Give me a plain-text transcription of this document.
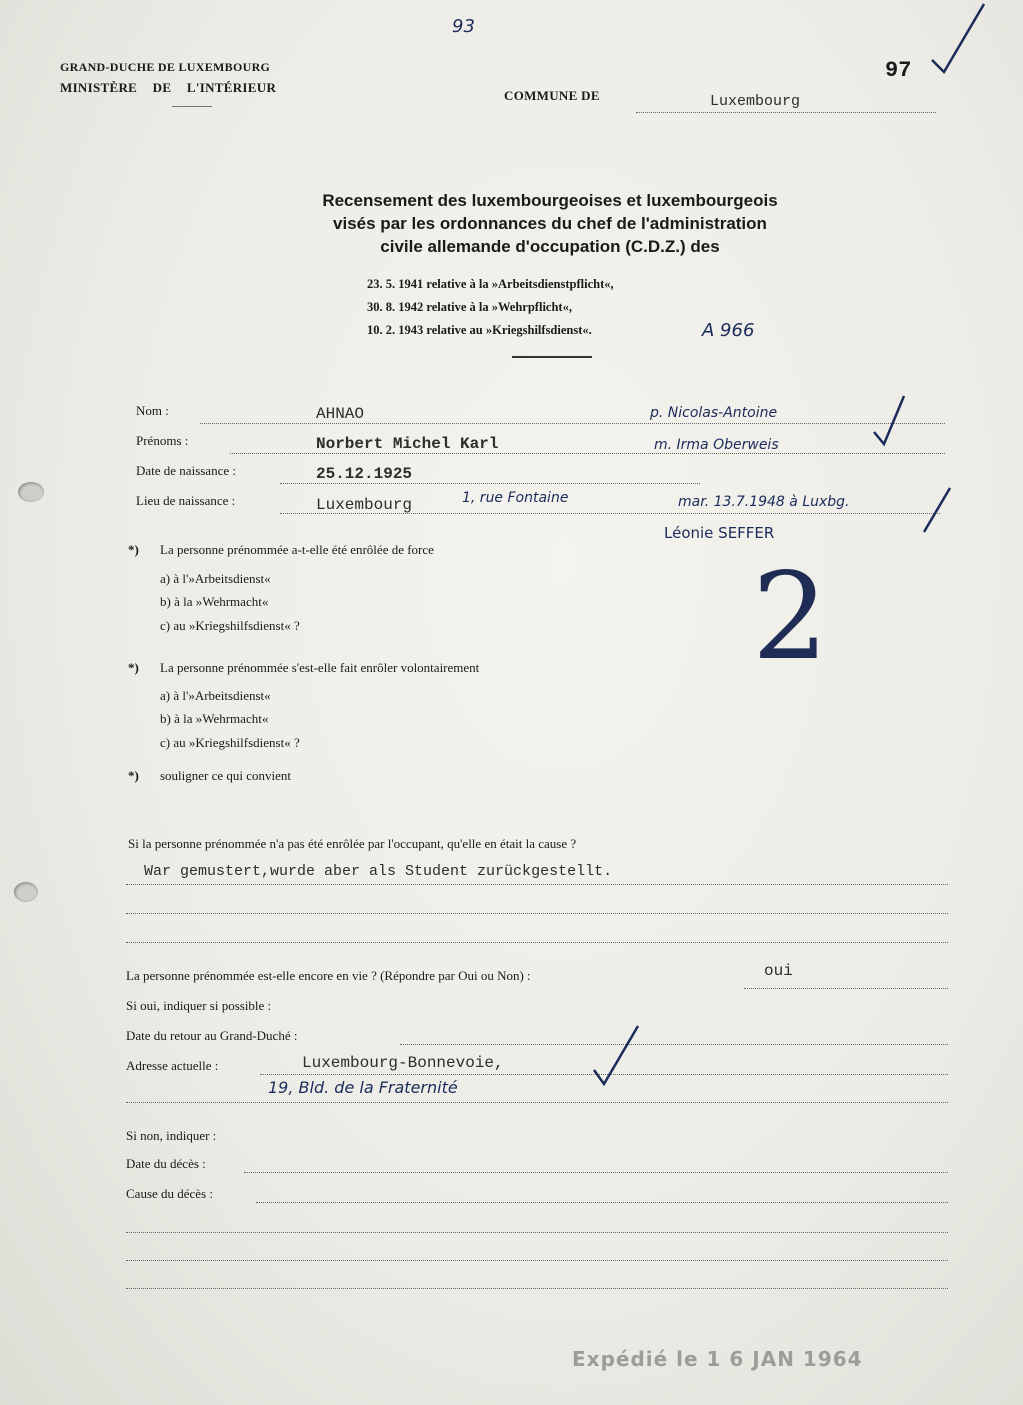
GRAND-DUCHE DE LUXEMBOURG
MINISTÈRE DE L'INTÉRIEUR
93
97
COMMUNE DE	Luxembourg
Recensement des luxembourgeoises et luxembourgeois
visés par les ordonnances du chef de l'administration
civile allemande d'occupation (C.D.Z.) des
23. 5. 1941 relative à la »Arbeitsdienstpflicht«,
30. 8. 1942 relative à la »Wehrpflicht«,
10. 2. 1943 relative au »Kriegshilfsdienst«.	A 966
Nom :	AHNAO	p. Nicolas-Antoine
Prénoms :	Norbert Michel Karl	m. Irma Oberweis
Date de naissance :	25.12.1925
Lieu de naissance :	Luxembourg	1, rue Fontaine	mar. 13.7.1948 à Luxbg.
Léonie SEFFER
*) La personne prénommée a-t-elle été enrôlée de force
a) à l'»Arbeitsdienst«
b) à la »Wehrmacht«
c) au »Kriegshilfsdienst« ?	2
*) La personne prénommée s'est-elle fait enrôler volontairement
a) à l'»Arbeitsdienst«
b) à la »Wehrmacht«
c) au »Kriegshilfsdienst« ?
*) souligner ce qui convient
Si la personne prénommée n'a pas été enrôlée par l'occupant, qu'elle en était la cause ?
War gemustert,wurde aber als Student zurückgestellt.
La personne prénommée est-elle encore en vie ? (Répondre par Oui ou Non) :	oui
Si oui, indiquer si possible :
Date du retour au Grand-Duché :
Adresse actuelle :	Luxembourg-Bonnevoie,
19, Bld. de la Fraternité
Si non, indiquer :
Date du décès :
Cause du décès :
Expédié le 1 6 JAN 1964
